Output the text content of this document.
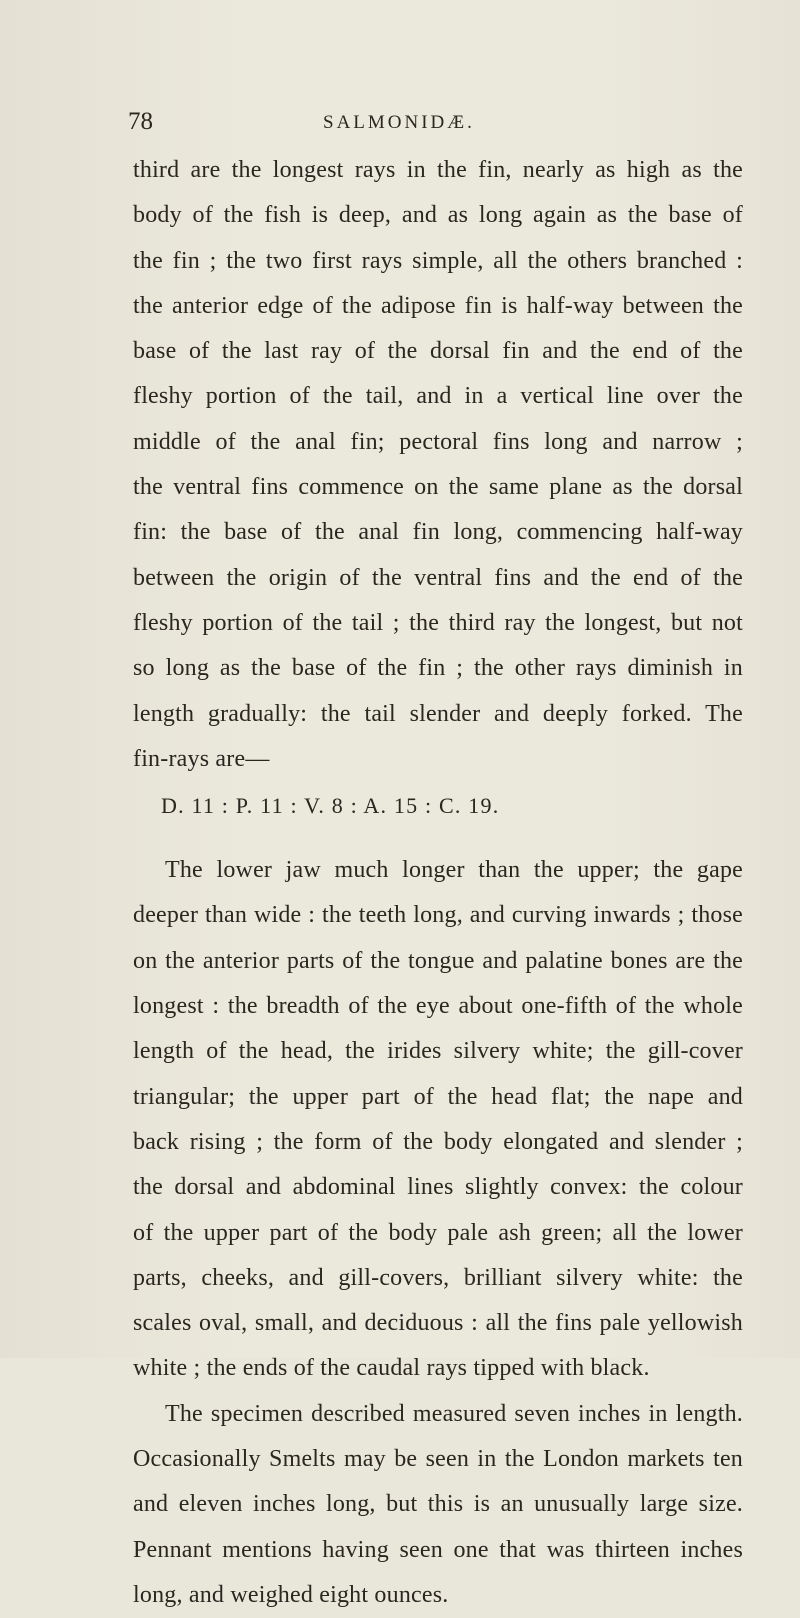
78	SALMONIDÆ.
third are the longest rays in the fin, nearly as high as the
body of the fish is deep, and as long again as the base of
the fin ; the two first rays simple, all the others branched :
the anterior edge of the adipose fin is half-way between the
base of the last ray of the dorsal fin and the end of the
fleshy portion of the tail, and in a vertical line over the
middle of the anal fin; pectoral fins long and narrow ;
the ventral fins commence on the same plane as the dorsal
fin: the base of the anal fin long, commencing half-way
between the origin of the ventral fins and the end of the
fleshy portion of the tail ; the third ray the longest, but not
so long as the base of the fin ; the other rays diminish in
length gradually: the tail slender and deeply forked. The
fin-rays are—
D. 11 : P. 11 : V. 8 : A. 15 : C. 19.
The lower jaw much longer than the upper; the gape
deeper than wide : the teeth long, and curving inwards ; those
on the anterior parts of the tongue and palatine bones are the
longest : the breadth of the eye about one-fifth of the whole
length of the head, the irides silvery white; the gill-cover
triangular; the upper part of the head flat; the nape and
back rising ; the form of the body elongated and slender ;
the dorsal and abdominal lines slightly convex: the colour
of the upper part of the body pale ash green; all the lower
parts, cheeks, and gill-covers, brilliant silvery white: the
scales oval, small, and deciduous : all the fins pale yellowish
white ; the ends of the caudal rays tipped with black.
The specimen described measured seven inches in length.
Occasionally Smelts may be seen in the London markets ten
and eleven inches long, but this is an unusually large size.
Pennant mentions having seen one that was thirteen inches
long, and weighed eight ounces.
